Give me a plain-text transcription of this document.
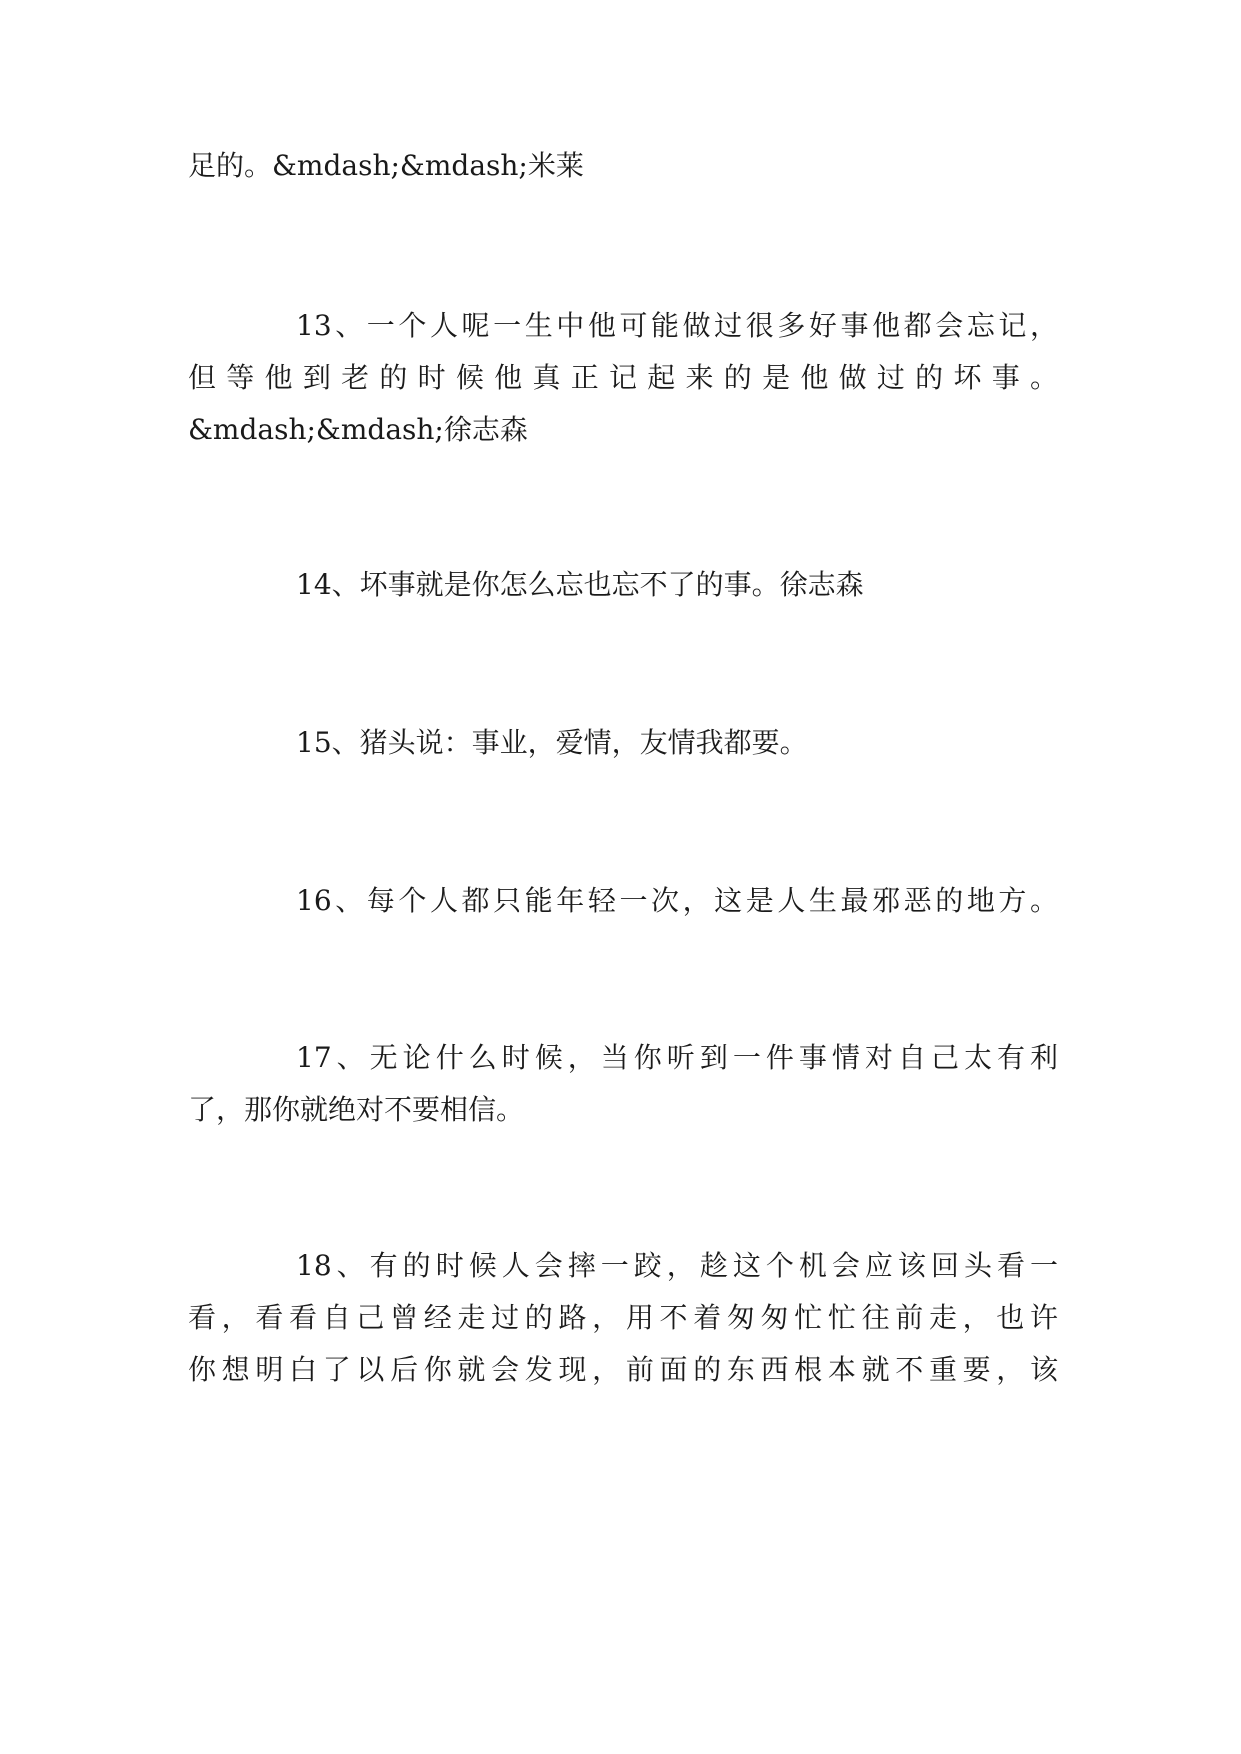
足的。&mdash;&mdash;米莱
13、一个人呢一生中他可能做过很多好事他都会忘记，
但等他到老的时候他真正记起来的是他做过的坏事。
&mdash;&mdash;徐志森
14、坏事就是你怎么忘也忘不了的事。徐志森
15、猪头说：事业，爱情，友情我都要。
16、每个人都只能年轻一次，这是人生最邪恶的地方。
17、无论什么时候，当你听到一件事情对自己太有利
了，那你就绝对不要相信。
18、有的时候人会摔一跤，趁这个机会应该回头看一
看，看看自己曾经走过的路，用不着匆匆忙忙往前走，也许
你想明白了以后你就会发现，前面的东西根本就不重要，该
